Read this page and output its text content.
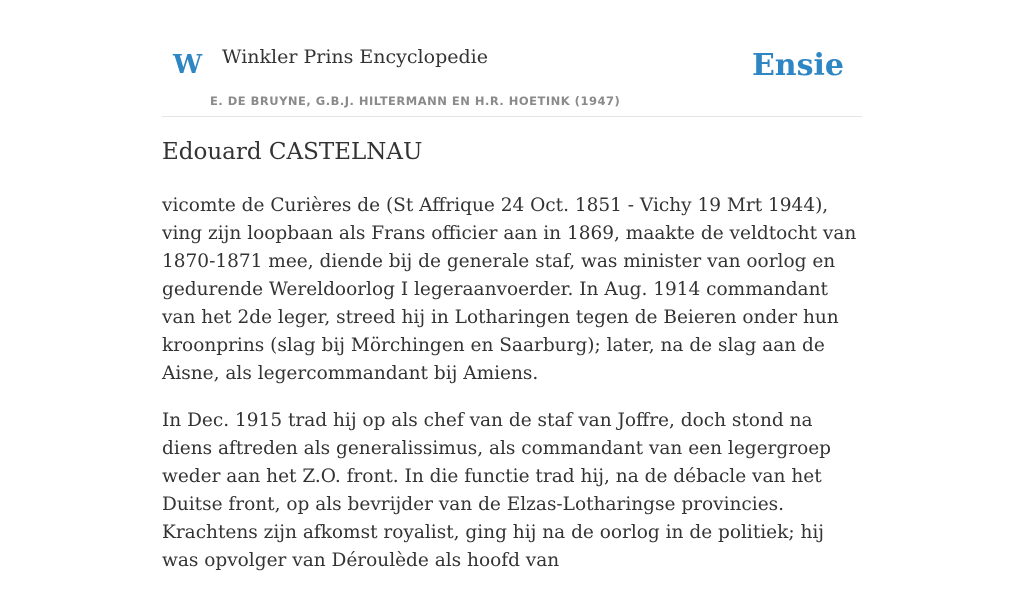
W Winkler Prins Encyclopedie
E. DE BRUYNE, G.B.J. HILTERMANN EN H.R. HOETINK (1947)
Ensie
Edouard CASTELNAU

vicomte de Curières de (St Affrique 24 Oct. 1851 - Vichy 19 Mrt 1944), ving zijn loopbaan als Frans officier aan in 1869, maakte de veldtocht van 1870-1871 mee, diende bij de generale staf, was minister van oorlog en gedurende Wereldoorlog I legeraanvoerder. In Aug. 1914 commandant van het 2de leger, streed hij in Lotharingen tegen de Beieren onder hun kroonprins (slag bij Mörchingen en Saarburg); later, na de slag aan de Aisne, als legercommandant bij Amiens.

In Dec. 1915 trad hij op als chef van de staf van Joffre, doch stond na diens aftreden als generalissimus, als commandant van een legergroep weder aan het Z.O. front. In die functie trad hij, na de débacle van het Duitse front, op als bevrijder van de Elzas-Lotharingse provincies. Krachtens zijn afkomst royalist, ging hij na de oorlog in de politiek; hij was opvolger van Déroulède als hoofd van
